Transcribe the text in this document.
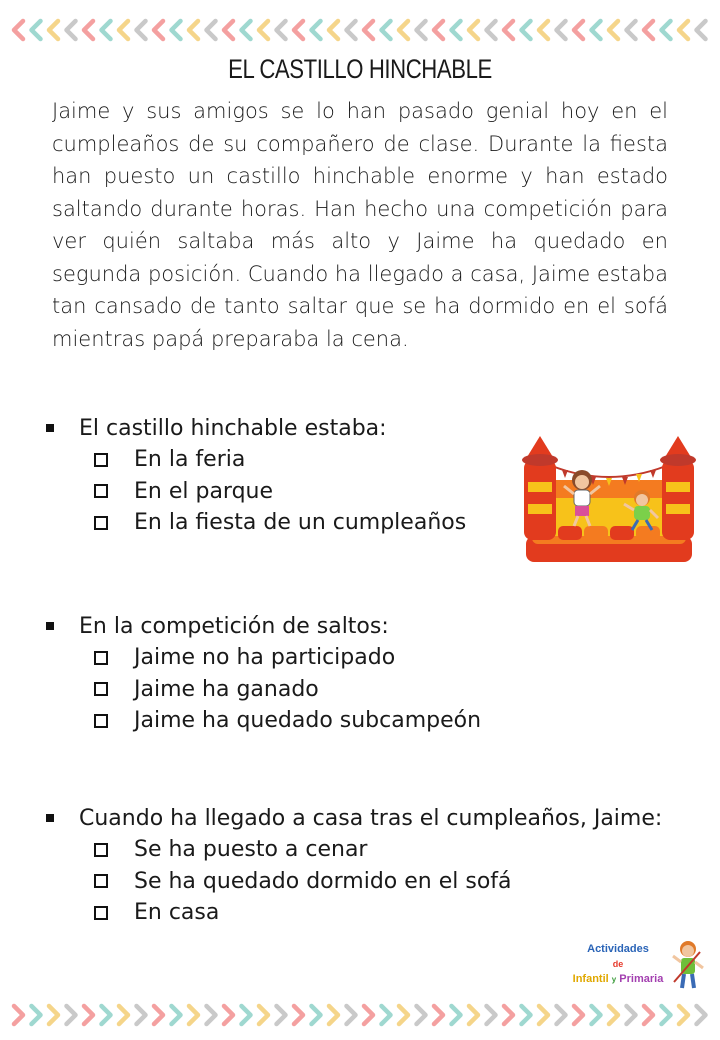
EL CASTILLO HINCHABLE
Jaime y sus amigos se lo han pasado genial hoy en el cumpleaños de su compañero de clase. Durante la fiesta han puesto un castillo hinchable enorme y han estado saltando durante horas. Han hecho una competición para ver quién saltaba más alto y Jaime ha quedado en segunda posición. Cuando ha llegado a casa, Jaime estaba tan cansado de tanto saltar que se ha dormido en el sofá mientras papá preparaba la cena.
El castillo hinchable estaba:
En la feria
En el parque
En la fiesta de un cumpleaños
En la competición de saltos:
Jaime no ha participado
Jaime ha ganado
Jaime ha quedado subcampeón
Cuando ha llegado a casa tras el cumpleaños, Jaime:
Se ha puesto a cenar
Se ha quedado dormido en el sofá
En casa
Actividades
de
Infantil y Primaria
